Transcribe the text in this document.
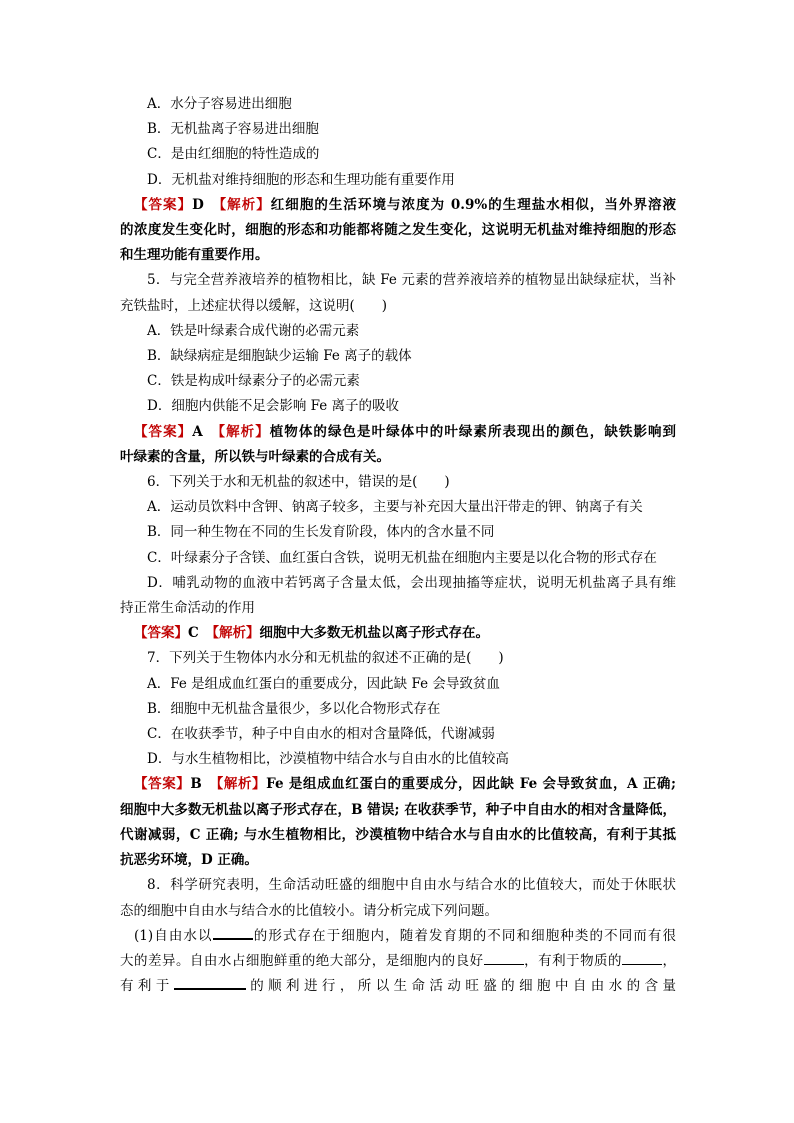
A．水分子容易进出细胞
B．无机盐离子容易进出细胞
C．是由红细胞的特性造成的
D．无机盐对维持细胞的形态和生理功能有重要作用
【答案】D　 【解析】红细胞的生活环境与浓度为 0.9%的生理盐水相似，当外界溶液
的浓度发生变化时，细胞的形态和功能都将随之发生变化，这说明无机盐对维持细胞的形态
和生理功能有重要作用。
5．与完全营养液培养的植物相比，缺 Fe 元素的营养液培养的植物显出缺绿症状，当补
充铁盐时，上述症状得以缓解，这说明(　　)
A．铁是叶绿素合成代谢的必需元素
B．缺绿病症是细胞缺少运输 Fe 离子的载体
C．铁是构成叶绿素分子的必需元素
D．细胞内供能不足会影响 Fe 离子的吸收
【答案】A　 【解析】植物体的绿色是叶绿体中的叶绿素所表现出的颜色，缺铁影响到
叶绿素的含量，所以铁与叶绿素的合成有关。
6．下列关于水和无机盐的叙述中，错误的是(　　)
A．运动员饮料中含钾、钠离子较多，主要与补充因大量出汗带走的钾、钠离子有关
B．同一种生物在不同的生长发育阶段，体内的含水量不同
C．叶绿素分子含镁、血红蛋白含铁，说明无机盐在细胞内主要是以化合物的形式存在
D．哺乳动物的血液中若钙离子含量太低，会出现抽搐等症状，说明无机盐离子具有维
持正常生命活动的作用
【答案】C　 【解析】细胞中大多数无机盐以离子形式存在。
7．下列关于生物体内水分和无机盐的叙述不正确的是(　　)
A．Fe 是组成血红蛋白的重要成分，因此缺 Fe 会导致贫血
B．细胞中无机盐含量很少，多以化合物形式存在
C．在收获季节，种子中自由水的相对含量降低，代谢减弱
D．与水生植物相比，沙漠植物中结合水与自由水的比值较高
【答案】B　 【解析】Fe 是组成血红蛋白的重要成分，因此缺 Fe 会导致贫血，A 正确;
细胞中大多数无机盐以离子形式存在，B 错误; 在收获季节，种子中自由水的相对含量降低，
代谢减弱，C 正确; 与水生植物相比，沙漠植物中结合水与自由水的比值较高，有利于其抵
抗恶劣环境，D 正确。
8．科学研究表明，生命活动旺盛的细胞中自由水与结合水的比值较大，而处于休眠状
态的细胞中自由水与结合水的比值较小。请分析完成下列问题。
(1)自由水以	的形式存在于细胞内，随着发育期的不同和细胞种类的不同而有很
大的差异。自由水占细胞鲜重的绝大部分，是细胞内的良好	，有利于物质的	，
有利于	的顺利进行，所以生命活动旺盛的细胞中自由水的含量
